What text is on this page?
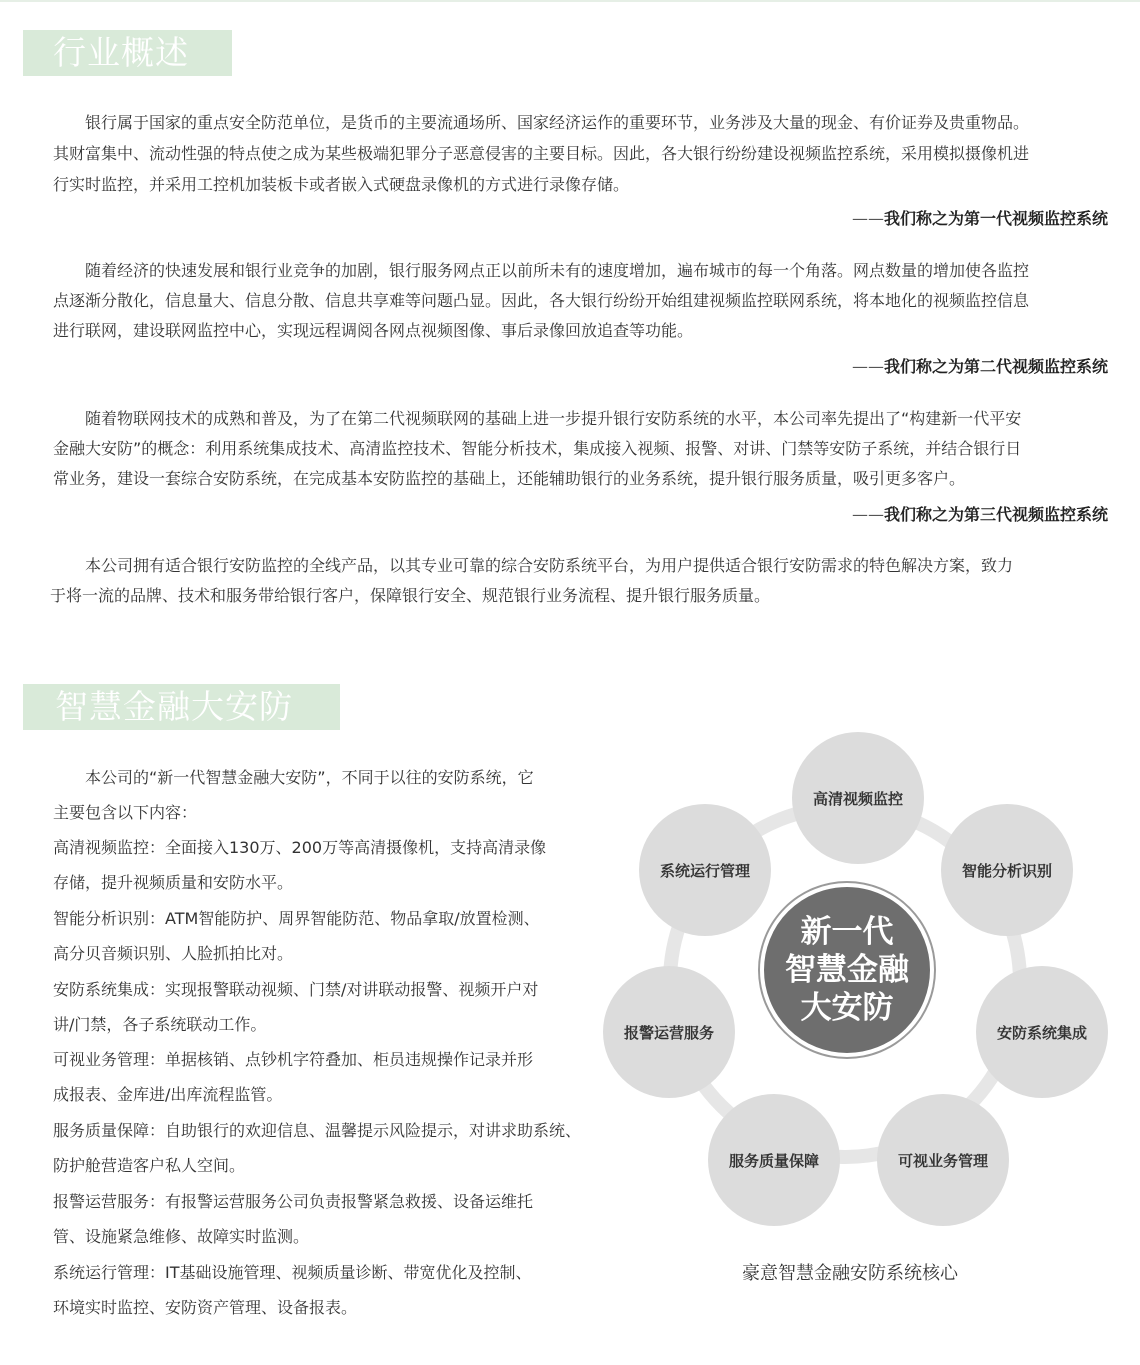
行业概述

银行属于国家的重点安全防范单位，是货币的主要流通场所、国家经济运作的重要环节，业务涉及大量的现金、有价证券及贵重物品。

其财富集中、流动性强的特点使之成为某些极端犯罪分子恶意侵害的主要目标。因此，各大银行纷纷建设视频监控系统，采用模拟摄像机进

行实时监控，并采用工控机加装板卡或者嵌入式硬盘录像机的方式进行录像存储。

——我们称之为第一代视频监控系统

随着经济的快速发展和银行业竞争的加剧，银行服务网点正以前所未有的速度增加，遍布城市的每一个角落。网点数量的增加使各监控

点逐渐分散化，信息量大、信息分散、信息共享难等问题凸显。因此，各大银行纷纷开始组建视频监控联网系统，将本地化的视频监控信息

进行联网，建设联网监控中心，实现远程调阅各网点视频图像、事后录像回放追查等功能。

——我们称之为第二代视频监控系统

随着物联网技术的成熟和普及，为了在第二代视频联网的基础上进一步提升银行安防系统的水平，本公司率先提出了“构建新一代平安

金融大安防”的概念：利用系统集成技术、高清监控技术、智能分析技术，集成接入视频、报警、对讲、门禁等安防子系统，并结合银行日

常业务，建设一套综合安防系统，在完成基本安防监控的基础上，还能辅助银行的业务系统，提升银行服务质量，吸引更多客户。

——我们称之为第三代视频监控系统

本公司拥有适合银行安防监控的全线产品，以其专业可靠的综合安防系统平台，为用户提供适合银行安防需求的特色解决方案，致力

于将一流的品牌、技术和服务带给银行客户，保障银行安全、规范银行业务流程、提升银行服务质量。

智慧金融大安防

本公司的“新一代智慧金融大安防”，不同于以往的安防系统，它

主要包含以下内容：

高清视频监控：全面接入130万、200万等高清摄像机，支持高清录像

存储，提升视频质量和安防水平。

智能分析识别：ATM智能防护、周界智能防范、物品拿取/放置检测、

高分贝音频识别、人脸抓拍比对。

安防系统集成：实现报警联动视频、门禁/对讲联动报警、视频开户对

讲/门禁，各子系统联动工作。

可视业务管理：单据核销、点钞机字符叠加、柜员违规操作记录并形

成报表、金库进/出库流程监管。

服务质量保障：自助银行的欢迎信息、温馨提示风险提示，对讲求助系统、

防护舱营造客户私人空间。

报警运营服务：有报警运营服务公司负责报警紧急救援、设备运维托

管、设施紧急维修、故障实时监测。

系统运行管理：IT基础设施管理、视频质量诊断、带宽优化及控制、

环境实时监控、安防资产管理、设备报表。

高清视频监控
智能分析识别
安防系统集成
可视业务管理
服务质量保障
报警运营服务
系统运行管理
新一代
智慧金融
大安防
豪意智慧金融安防系统核心
